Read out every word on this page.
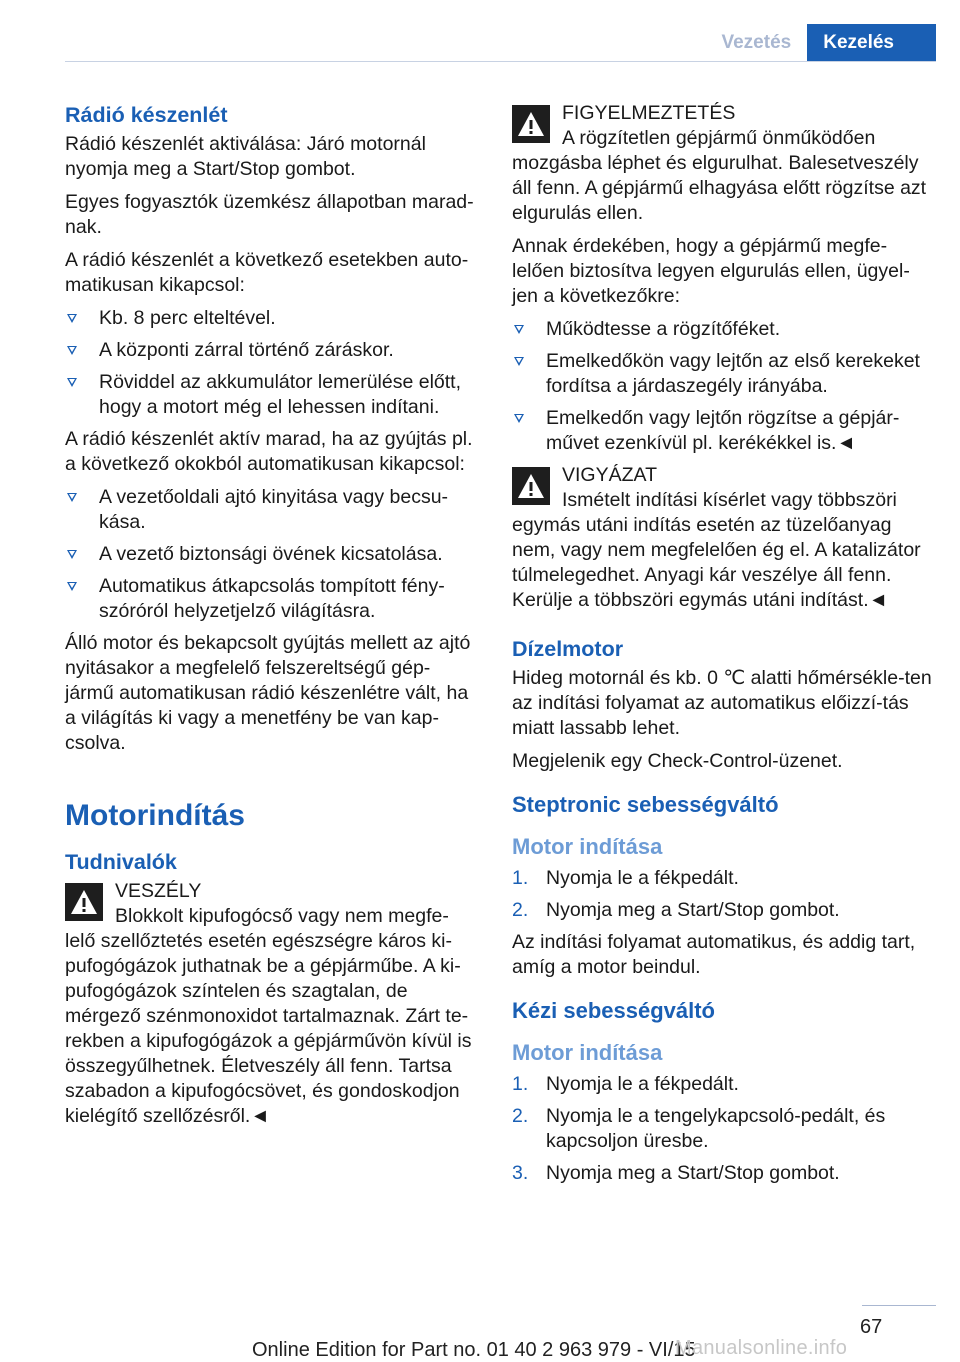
Vezetés	Kezelés
Rádió készenlét

Rádió készenlét aktiválása: Járó motornál nyomja meg a Start/Stop gombot.

Egyes fogyasztók üzemkész állapotban marad-nak.

A rádió készenlét a következő esetekben auto-matikusan kikapcsol:

Kb. 8 perc elteltével.
A központi zárral történő záráskor.
Röviddel az akkumulátor lemerülése előtt, hogy a motort még el lehessen indítani.

A rádió készenlét aktív marad, ha az gyújtás pl. a következő okokból automatikusan kikapcsol:

A vezetőoldali ajtó kinyitása vagy becsu-kása.
A vezető biztonsági övének kicsatolása.
Automatikus átkapcsolás tompított fény-szóróról helyzetjelző világításra.

Álló motor és bekapcsolt gyújtás mellett az ajtó nyitásakor a megfelelő felszereltségű gép-jármű automatikusan rádió készenlétre vált, ha a világítás ki vagy a menetfény be van kap-csolva.

Motorindítás
Tudnivalók
VESZÉLY
Blokkolt kipufogócső vagy nem megfe-lelő szellőztetés esetén egészségre káros ki-pufogógázok juthatnak be a gépjárműbe. A ki-pufogógázok színtelen és szagtalan, de mérgező szénmonoxidot tartalmaznak. Zárt te-rekben a kipufogógázok a gépjárművön kívül is összegyűlhetnek. Életveszély áll fenn. Tartsa szabadon a kipufogócsövet, és gondoskodjon kielégítő szellőzésről.◄
FIGYELMEZTETÉS
A rögzítetlen gépjármű önműködően mozgásba léphet és elgurulhat. Balesetveszély áll fenn. A gépjármű elhagyása előtt rögzítse azt elgurulás ellen.

Annak érdekében, hogy a gépjármű megfe-lelően biztosítva legyen elgurulás ellen, ügyel-jen a következőkre:

Működtesse a rögzítőféket.
Emelkedőkön vagy lejtőn az első kerekeket fordítsa a járdaszegély irányába.
Emelkedőn vagy lejtőn rögzítse a gépjár-művet ezenkívül pl. kerékékkel is.◄
VIGYÁZAT
Ismételt indítási kísérlet vagy többszöri egymás utáni indítás esetén az tüzelőanyag nem, vagy nem megfelelően ég el. A katalizátor túlmelegedhet. Anyagi kár veszélye áll fenn. Kerülje a többszöri egymás utáni indítást.◄
Dízelmotor

Hideg motornál és kb. 0 ℃ alatti hőmérsékle-ten az indítási folyamat az automatikus előizzí-tás miatt lassabb lehet.

Megjelenik egy Check-Control-üzenet.

Steptronic sebességváltó
Motor indítása
1. Nyomja le a fékpedált.
2. Nyomja meg a Start/Stop gombot.

Az indítási folyamat automatikus, és addig tart, amíg a motor beindul.

Kézi sebességváltó
Motor indítása
1. Nyomja le a fékpedált.
2. Nyomja le a tengelykapcsoló-pedált, és kapcsoljon üresbe.
3. Nyomja meg a Start/Stop gombot.
67
Online Edition for Part no. 01 40 2 963 979 - VI/15
Manualsonline.info
